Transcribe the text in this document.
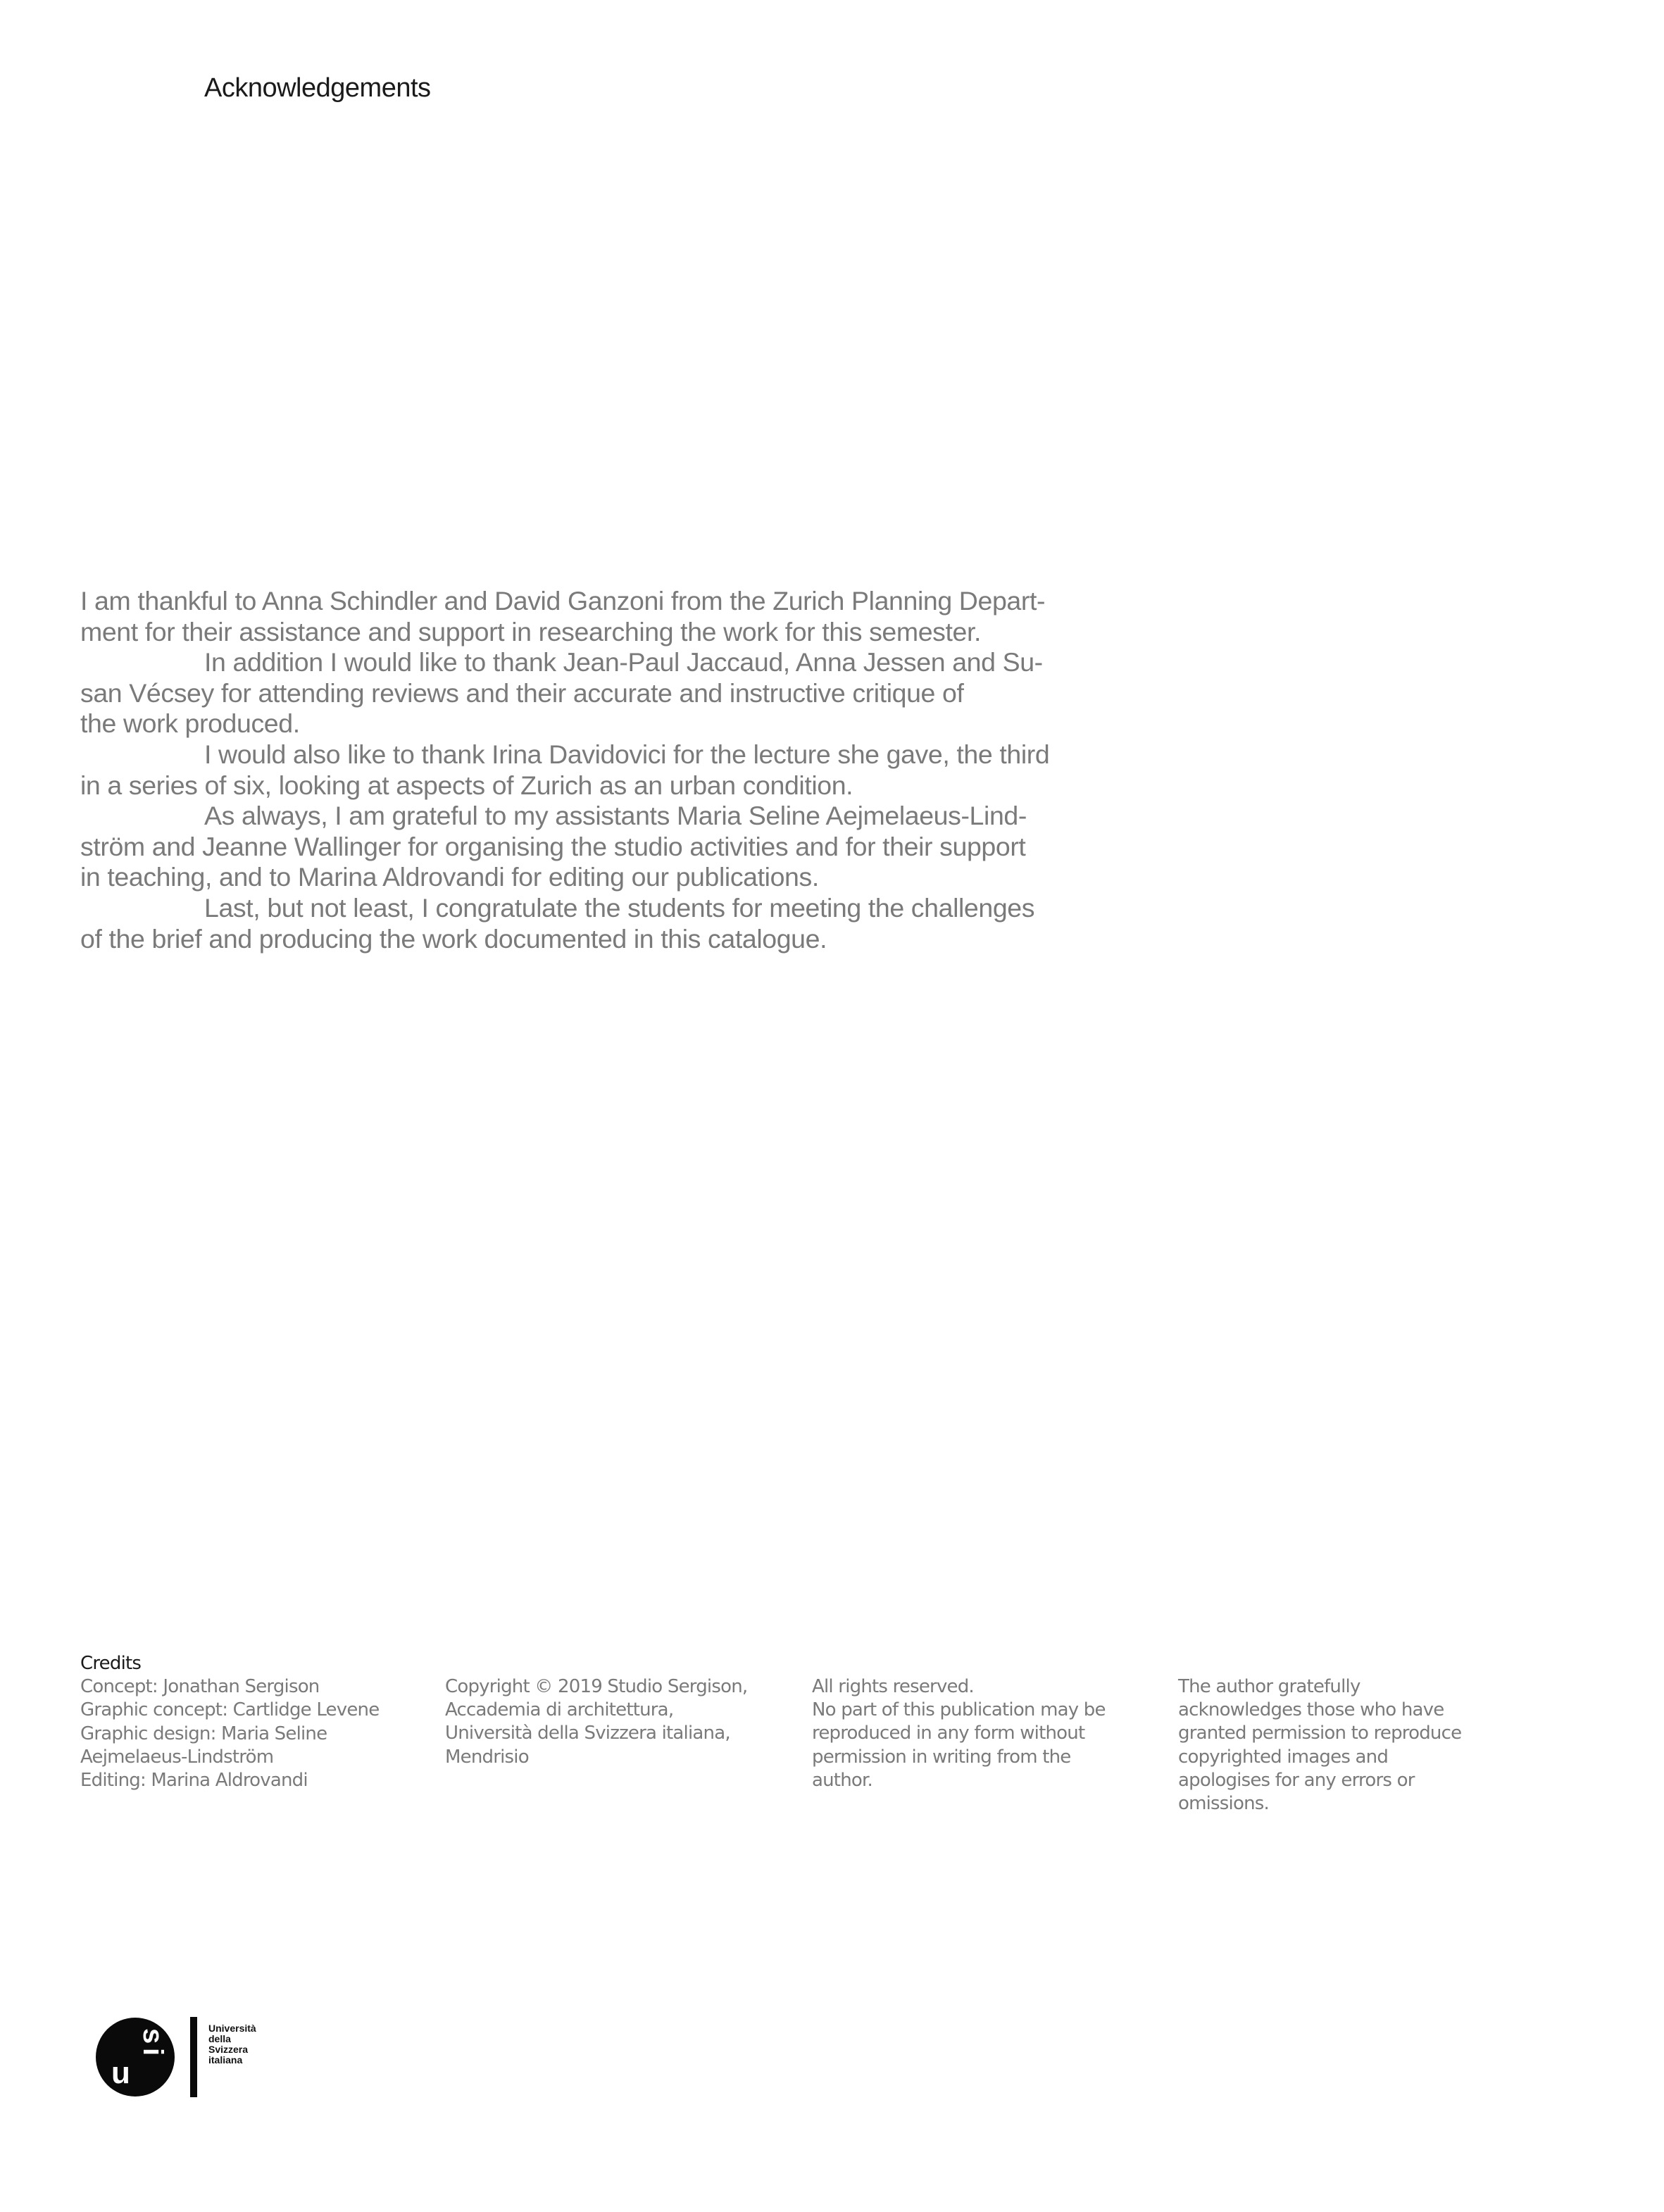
Acknowledgements
I am thankful to Anna Schindler and David Ganzoni from the Zurich Planning Depart-
ment for their assistance and support in researching the work for this semester.
In addition I would like to thank Jean-Paul Jaccaud, Anna Jessen and Su-
san Vécsey for attending reviews and their accurate and instructive critique of
the work produced.
I would also like to thank Irina Davidovici for the lecture she gave, the third
in a series of six, looking at aspects of Zurich as an urban condition.
As always, I am grateful to my assistants Maria Seline Aejmelaeus-Lind-
ström and Jeanne Wallinger for organising the studio activities and for their support
in teaching, and to Marina Aldrovandi for editing our publications.
Last, but not least, I congratulate the students for meeting the challenges
of the brief and producing the work documented in this catalogue.
Credits
Concept: Jonathan Sergison
Graphic concept: Cartlidge Levene
Graphic design: Maria Seline
Aejmelaeus-Lindström
Editing: Marina Aldrovandi
Copyright © 2019 Studio Sergison,
Accademia di architettura,
Università della Svizzera italiana,
Mendrisio
All rights reserved.
No part of this publication may be
reproduced in any form without
permission in writing from the
author.
The author gratefully
acknowledges those who have
granted permission to reproduce
copyrighted images and
apologises for any errors or
omissions.
u
s
i
Università
della
Svizzera
italiana
